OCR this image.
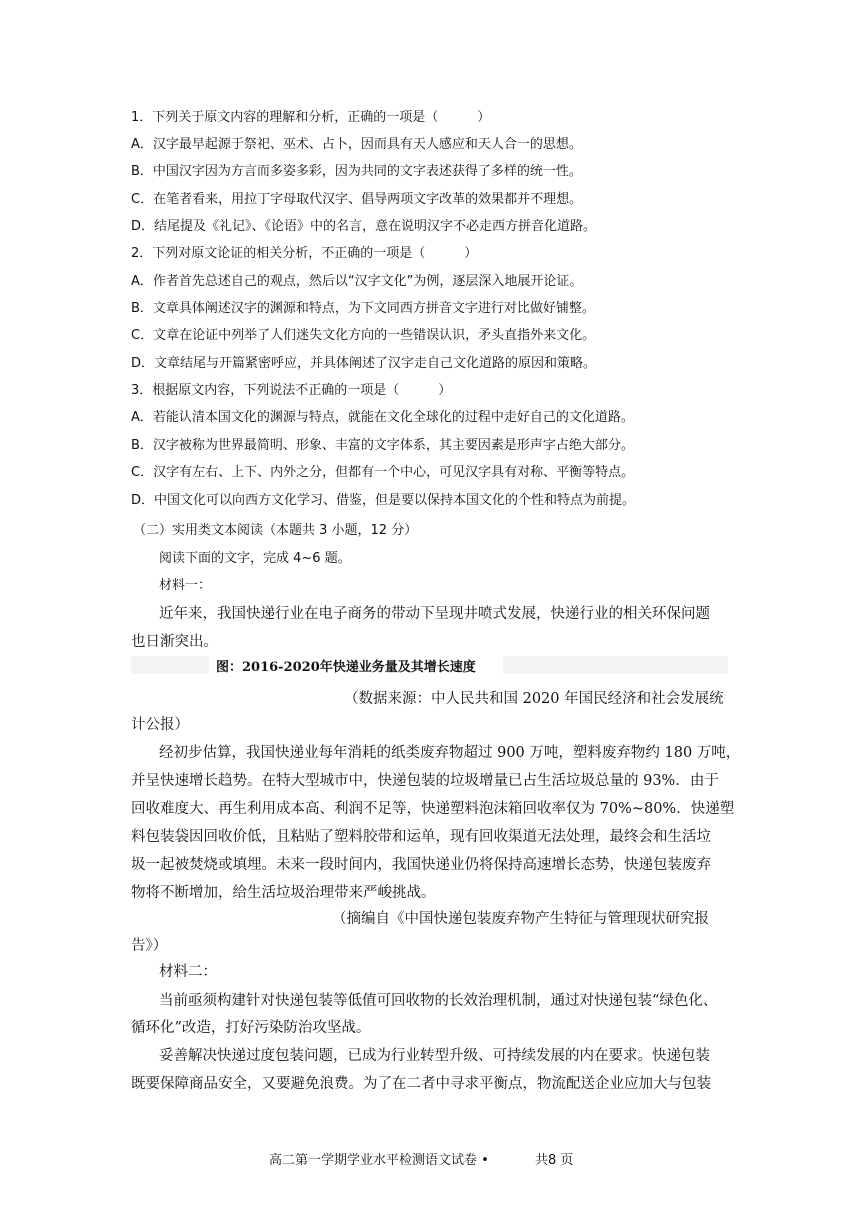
1．下列关于原文内容的理解和分析，正确的一项是（　　　）
A．汉字最早起源于祭祀、巫术、占卜，因而具有天人感应和天人合一的思想。
B．中国汉字因为方言而多姿多彩，因为共同的文字表述获得了多样的统一性。
C．在笔者看来，用拉丁字母取代汉字、倡导两项文字改革的效果都并不理想。
D．结尾提及《礼记》、《论语》中的名言，意在说明汉字不必走西方拼音化道路。
2．下列对原文论证的相关分析，不正确的一项是（　　　）
A．作者首先总述自己的观点，然后以“汉字文化”为例，逐层深入地展开论证。
B．文章具体阐述汉字的渊源和特点，为下文同西方拼音文字进行对比做好铺整。
C．文章在论证中列举了人们迷失文化方向的一些错误认识，矛头直指外来文化。
D．文章结尾与开篇紧密呼应，并具体阐述了汉字走自己文化道路的原因和策略。
3．根据原文内容，下列说法不正确的一项是（　　　）
A．若能认清本国文化的渊源与特点，就能在文化全球化的过程中走好自己的文化道路。
B．汉字被称为世界最简明、形象、丰富的文字体系，其主要因素是形声字占绝大部分。
C．汉字有左右、上下、内外之分，但都有一个中心，可见汉字具有对称、平衡等特点。
D．中国文化可以向西方文化学习、借鉴，但是要以保持本国文化的个性和特点为前提。
（二）实用类文本阅读（本题共 3 小题，12 分）
阅读下面的文字，完成 4~6 题。
材料一：
近年来，我国快递行业在电子商务的带动下呈现井喷式发展，快递行业的相关环保问题
也日渐突出。
图：2016-2020年快递业务量及其增长速度
（数据来源：中人民共和国 2020 年国民经济和社会发展统
计公报）
经初步估算，我国快递业每年消耗的纸类废弃物超过 900 万吨，塑料废弃物约 180 万吨，
并呈快速增长趋势。在特大型城市中，快递包装的垃圾增量已占生活垃圾总量的 93%．由于
回收难度大、再生利用成本高、利润不足等，快递塑料泡沫箱回收率仅为 70%~80%．快递塑
料包装袋因回收价低，且粘贴了塑料胶带和运单，现有回收渠道无法处理，最终会和生活垃
圾一起被焚烧或填埋。未来一段时间内，我国快递业仍将保持高速增长态势，快递包装废弃
物将不断增加，给生活垃圾治理带来严峻挑战。
（摘编自《中国快递包装废弃物产生特征与管理现状研究报
告》）
材料二：
当前亟须构建针对快递包装等低值可回收物的长效治理机制，通过对快递包装“绿色化、
循环化”改造，打好污染防治攻坚战。
妥善解决快递过度包装问题，已成为行业转型升级、可持续发展的内在要求。快递包装
既要保障商品安全，又要避免浪费。为了在二者中寻求平衡点，物流配送企业应加大与包装
高二第一学期学业水平检测语文试卷 •	共8 页
